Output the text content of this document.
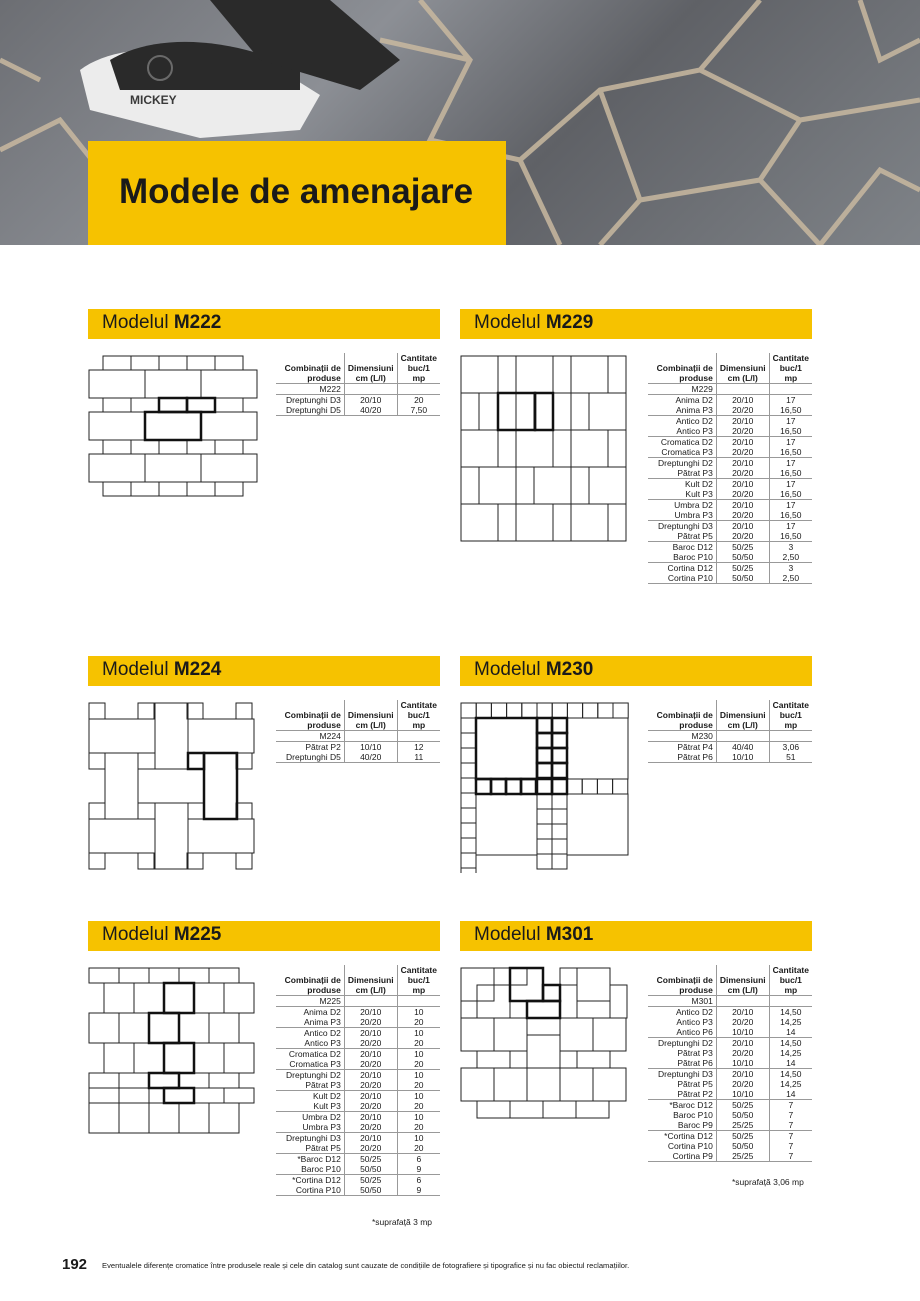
MICKEY
Modele de amenajare
Modelul M222
Combinații de produse	Dimensiuni cm (L/l)	Cantitate buc/1 mp
M222		
Dreptunghi D3	20/10	20
Dreptunghi D5	40/20	7,50
Modelul M229
Combinații de produse	Dimensiuni cm (L/l)	Cantitate buc/1 mp
M229		
Anima D2	20/10	17
Anima P3	20/20	16,50
Antico D2	20/10	17
Antico P3	20/20	16,50
Cromatica D2	20/10	17
Cromatica P3	20/20	16,50
Dreptunghi D2	20/10	17
Pătrat P3	20/20	16,50
Kult D2	20/10	17
Kult P3	20/20	16,50
Umbra D2	20/10	17
Umbra P3	20/20	16,50
Dreptunghi D3	20/10	17
Pătrat P5	20/20	16,50
Baroc D12	50/25	3
Baroc P10	50/50	2,50
Cortina D12	50/25	3
Cortina P10	50/50	2,50
Modelul M224
Combinații de produse	Dimensiuni cm (L/l)	Cantitate buc/1 mp
M224		
Pătrat P2	10/10	12
Dreptunghi D5	40/20	11
Modelul M230
Combinații de produse	Dimensiuni cm (L/l)	Cantitate buc/1 mp
M230		
Pătrat P4	40/40	3,06
Pătrat P6	10/10	51
Modelul M225
Combinații de produse	Dimensiuni cm (L/l)	Cantitate buc/1 mp
M225		
Anima D2	20/10	10
Anima P3	20/20	20
Antico D2	20/10	10
Antico P3	20/20	20
Cromatica D2	20/10	10
Cromatica P3	20/20	20
Dreptunghi D2	20/10	10
Pătrat P3	20/20	20
Kult D2	20/10	10
Kult P3	20/20	20
Umbra D2	20/10	10
Umbra P3	20/20	20
Dreptunghi D3	20/10	10
Pătrat P5	20/20	20
*Baroc D12	50/25	6
Baroc P10	50/50	9
*Cortina D12	50/25	6
Cortina P10	50/50	9
*suprafață 3 mp
Modelul M301
Combinații de produse	Dimensiuni cm (L/l)	Cantitate buc/1 mp
M301		
Antico D2	20/10	14,50
Antico P3	20/20	14,25
Antico P6	10/10	14
Dreptunghi D2	20/10	14,50
Pătrat P3	20/20	14,25
Pătrat P6	10/10	14
Dreptunghi D3	20/10	14,50
Pătrat P5	20/20	14,25
Pătrat P2	10/10	14
*Baroc D12	50/25	7
Baroc P10	50/50	7
Baroc P9	25/25	7
*Cortina D12	50/25	7
Cortina P10	50/50	7
Cortina P9	25/25	7
*suprafață 3,06 mp
192 Eventualele diferențe cromatice între produsele reale și cele din catalog sunt cauzate de condițiile de fotografiere și tipografice și nu fac obiectul reclamațiilor.
